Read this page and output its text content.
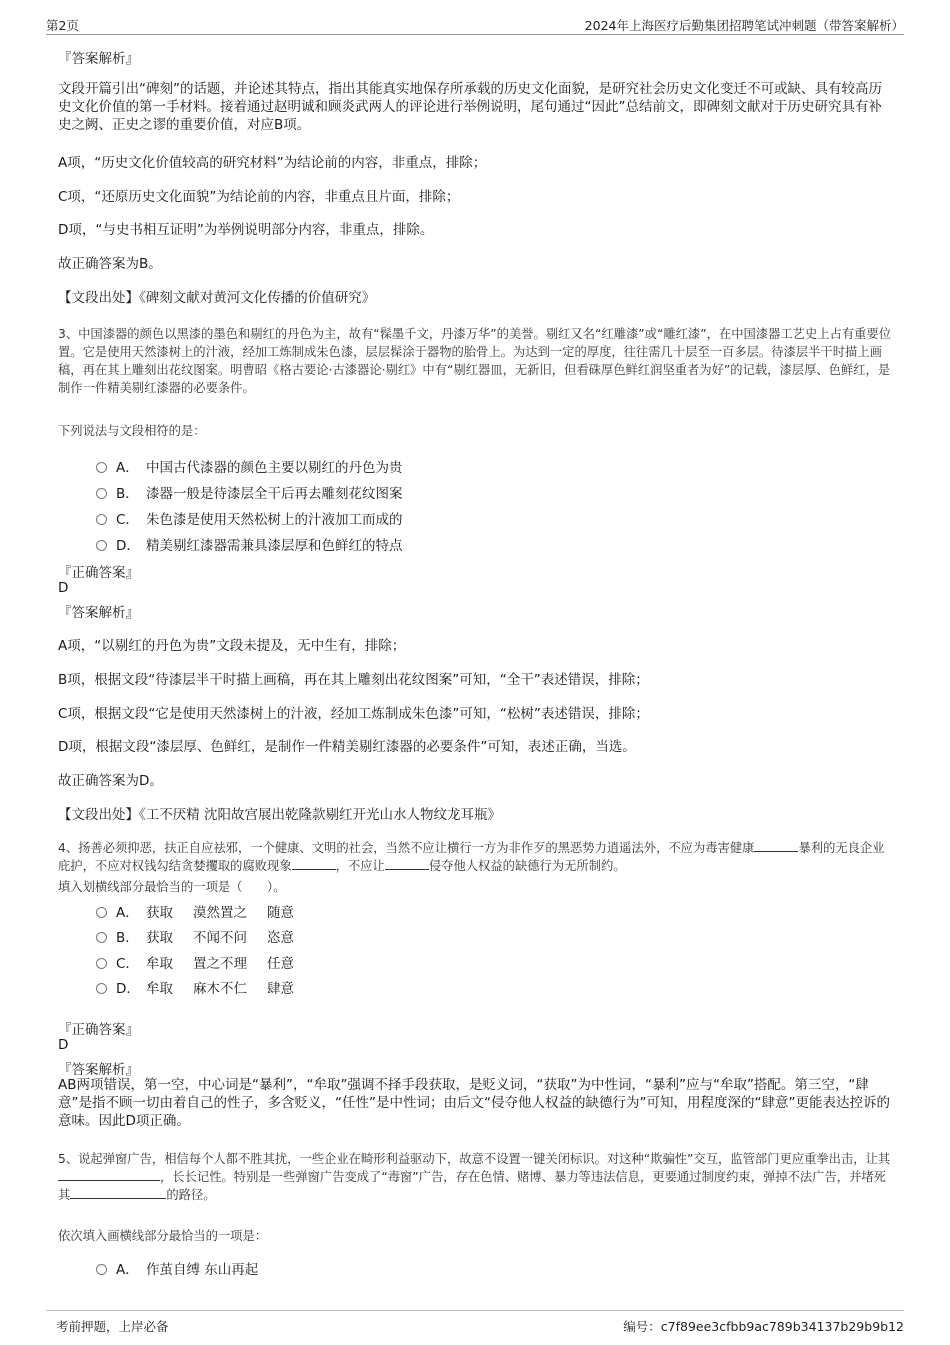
第2页	2024年上海医疗后勤集团招聘笔试冲刺题（带答案解析）
『答案解析』
文段开篇引出“碑刻”的话题，并论述其特点，指出其能真实地保存所承载的历史文化面貌，是研究社会历史文化变迁不可或缺、具有较高历史文化价值的第一手材料。接着通过赵明诚和顾炎武两人的评论进行举例说明，尾句通过“因此”总结前文，即碑刻文献对于历史研究具有补史之阙、正史之谬的重要价值，对应B项。
A项，“历史文化价值较高的研究材料”为结论前的内容，非重点，排除；
C项，“还原历史文化面貌”为结论前的内容，非重点且片面，排除；
D项，“与史书相互证明”为举例说明部分内容，非重点，排除。
故正确答案为B。
【文段出处】《碑刻文献对黄河文化传播的价值研究》
3、中国漆器的颜色以黑漆的墨色和剔红的丹色为主，故有“髹墨千文，丹漆万华”的美誉。剔红又名“红雕漆”或“雕红漆”，在中国漆器工艺史上占有重要位置。它是使用天然漆树上的汁液，经加工炼制成朱色漆，层层髹涂于器物的胎骨上。为达到一定的厚度，往往需几十层至一百多层。待漆层半干时描上画稿，再在其上雕刻出花纹图案。明曹昭《格古要论·古漆器论·剔红》中有“剔红器皿，无新旧，但看硃厚色鲜红润坚重者为好”的记载，漆层厚、色鲜红，是制作一件精美剔红漆器的必要条件。
下列说法与文段相符的是：
A． 中国古代漆器的颜色主要以剔红的丹色为贵
B． 漆器一般是待漆层全干后再去雕刻花纹图案
C． 朱色漆是使用天然松树上的汁液加工而成的
D． 精美剔红漆器需兼具漆层厚和色鲜红的特点
『正确答案』
D
『答案解析』
A项，“以剔红的丹色为贵”文段未提及，无中生有，排除；
B项，根据文段“待漆层半干时描上画稿，再在其上雕刻出花纹图案”可知，“全干”表述错误，排除；
C项，根据文段“它是使用天然漆树上的汁液，经加工炼制成朱色漆”可知，“松树”表述错误，排除；
D项，根据文段“漆层厚、色鲜红，是制作一件精美剔红漆器的必要条件”可知，表述正确，当选。
故正确答案为D。
【文段出处】《工不厌精 沈阳故宫展出乾隆款剔红开光山水人物纹龙耳瓶》
4、扬善必须抑恶，扶正自应祛邪，一个健康、文明的社会，当然不应让横行一方为非作歹的黑恶势力逍遥法外，不应为毒害健康	暴利的无良企业庇护，不应对权钱勾结贪婪攫取的腐败现象	，不应让	侵夺他人权益的缺德行为无所制约。
填入划横线部分最恰当的一项是（　　）。
A． 获取	漠然置之	随意
B． 获取	不闻不问	恣意
C． 牟取	置之不理	任意
D． 牟取	麻木不仁	肆意
『正确答案』
D
『答案解析』
AB两项错误，第一空，中心词是“暴利”，“牟取”强调不择手段获取，是贬义词，“获取”为中性词，“暴利”应与“牟取”搭配。第三空，“肆意”是指不顾一切由着自己的性子，多含贬义，“任性”是中性词；由后文“侵夺他人权益的缺德行为”可知，用程度深的“肆意”更能表达控诉的意味。因此D项正确。
5、说起弹窗广告，相信每个人都不胜其扰，一些企业在畸形利益驱动下，故意不设置一键关闭标识。对这种“欺骗性”交互，监管部门更应重拳出击，让其，长长记性。特别是一些弹窗广告变成了“毒窗”广告，存在色情、赌博、暴力等违法信息，更要通过制度约束，弹掉不法广告，并堵死其	的路径。
依次填入画横线部分最恰当的一项是：
A． 作茧自缚 东山再起
考前押题，上岸必备	编号：c7f89ee3cfbb9ac789b34137b29b9b12
